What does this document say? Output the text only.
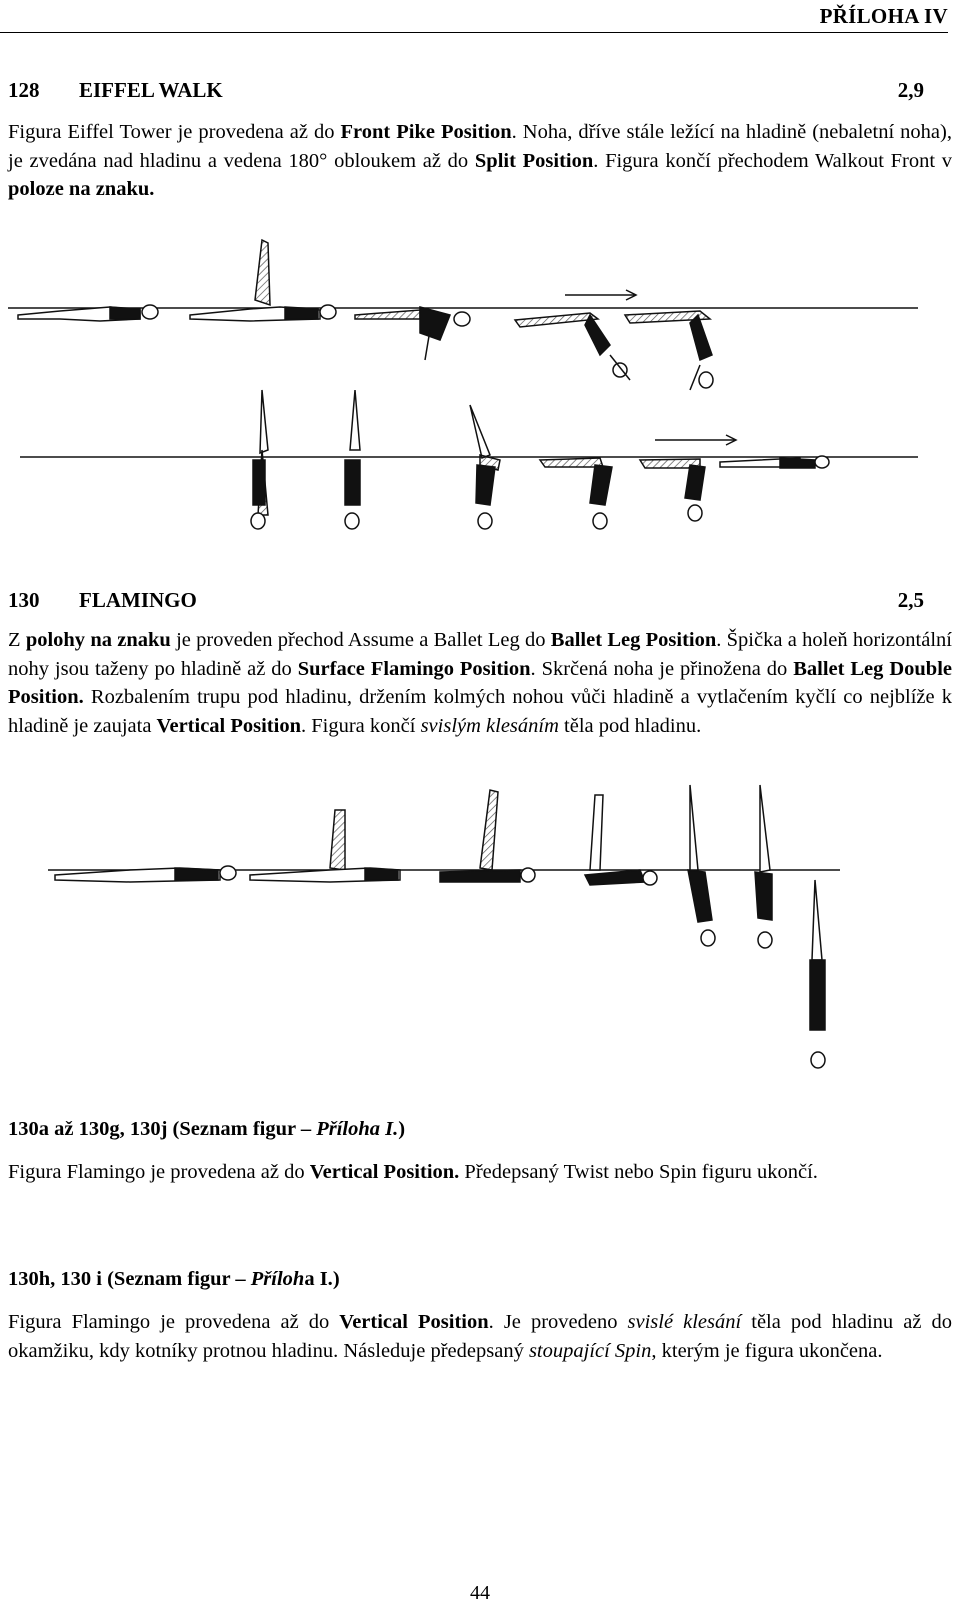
PŘÍLOHA IV
128 EIFFEL WALK	2,9
Figura Eiffel Tower je provedena až do Front Pike Position. Noha, dříve stále ležící na hladině (nebaletní noha), je zvedána nad hladinu a vedena 180° obloukem až do Split Position. Figura končí přechodem Walkout Front v poloze na znaku.
130 FLAMINGO	2,5
Z polohy na znaku je proveden přechod Assume a Ballet Leg do Ballet Leg Position. Špička a holeň horizontální nohy jsou taženy po hladině až do Surface Flamingo Position. Skrčená noha je přinožena do Ballet Leg Double Position. Rozbalením trupu pod hladinu, držením kolmých nohou vůči hladině a vytlačením kyčlí co nejblíže k hladině je zaujata Vertical Position. Figura končí svislým klesáním těla pod hladinu.
130a až 130g, 130j (Seznam figur – Příloha I.)
Figura Flamingo je provedena až do Vertical Position. Předepsaný Twist nebo Spin figuru ukončí.
130h, 130 i (Seznam figur – Příloha I.)
Figura Flamingo je provedena až do Vertical Position. Je provedeno svislé klesání těla pod hladinu až do okamžiku, kdy kotníky protnou hladinu. Následuje předepsaný stoupající Spin, kterým je figura ukončena.
44
